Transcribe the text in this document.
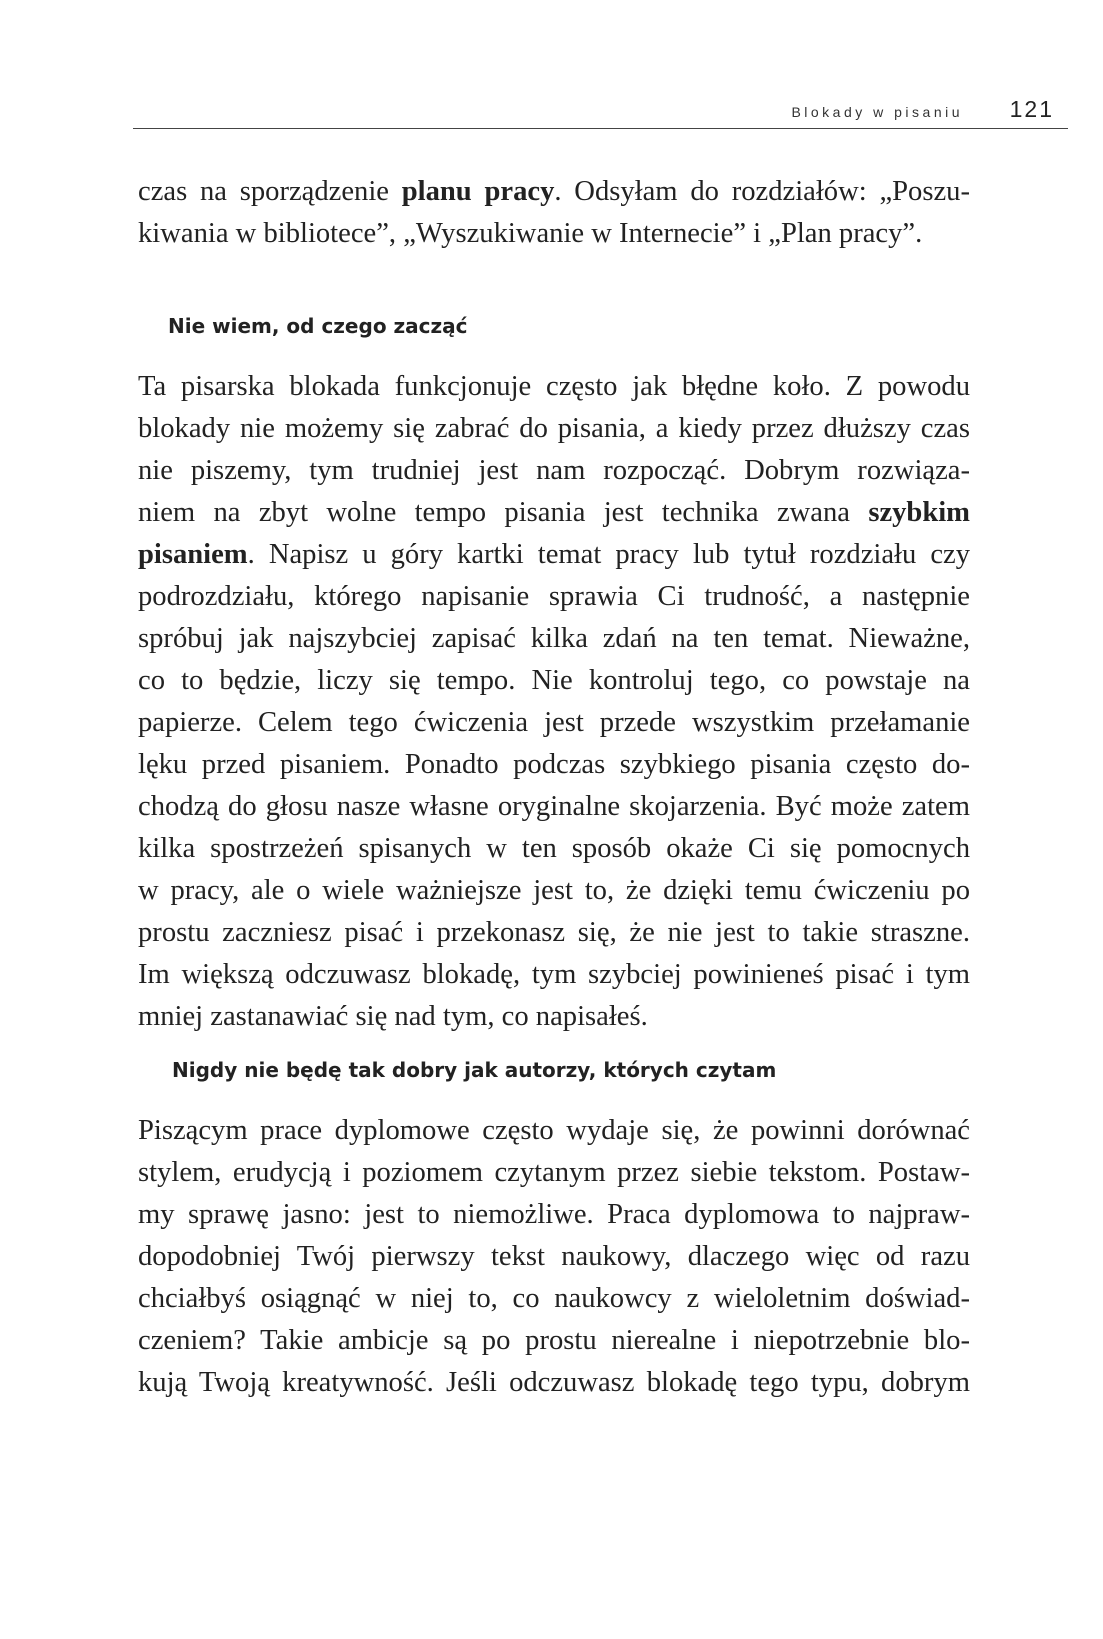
Blokady w pisaniu 121
czas na sporządzenie planu pracy. Odsyłam do rozdziałów: „Poszu-
kiwania w bibliotece”, „Wyszukiwanie w Internecie” i „Plan pracy”.
Nie wiem, od czego zacząć
Ta pisarska blokada funkcjonuje często jak błędne koło. Z powodu
blokady nie możemy się zabrać do pisania, a kiedy przez dłuższy czas
nie piszemy, tym trudniej jest nam rozpocząć. Dobrym rozwiąza-
niem na zbyt wolne tempo pisania jest technika zwana szybkim
pisaniem. Napisz u góry kartki temat pracy lub tytuł rozdziału czy
podrozdziału, którego napisanie sprawia Ci trudność, a następnie
spróbuj jak najszybciej zapisać kilka zdań na ten temat. Nieważne,
co to będzie, liczy się tempo. Nie kontroluj tego, co powstaje na
papierze. Celem tego ćwiczenia jest przede wszystkim przełamanie
lęku przed pisaniem. Ponadto podczas szybkiego pisania często do-
chodzą do głosu nasze własne oryginalne skojarzenia. Być może zatem
kilka spostrzeżeń spisanych w ten sposób okaże Ci się pomocnych
w pracy, ale o wiele ważniejsze jest to, że dzięki temu ćwiczeniu po
prostu zaczniesz pisać i przekonasz się, że nie jest to takie straszne.
Im większą odczuwasz blokadę, tym szybciej powinieneś pisać i tym
mniej zastanawiać się nad tym, co napisałeś.
Nigdy nie będę tak dobry jak autorzy, których czytam
Piszącym prace dyplomowe często wydaje się, że powinni dorównać
stylem, erudycją i poziomem czytanym przez siebie tekstom. Postaw-
my sprawę jasno: jest to niemożliwe. Praca dyplomowa to najpraw-
dopodobniej Twój pierwszy tekst naukowy, dlaczego więc od razu
chciałbyś osiągnąć w niej to, co naukowcy z wieloletnim doświad-
czeniem? Takie ambicje są po prostu nierealne i niepotrzebnie blo-
kują Twoją kreatywność. Jeśli odczuwasz blokadę tego typu, dobrym
